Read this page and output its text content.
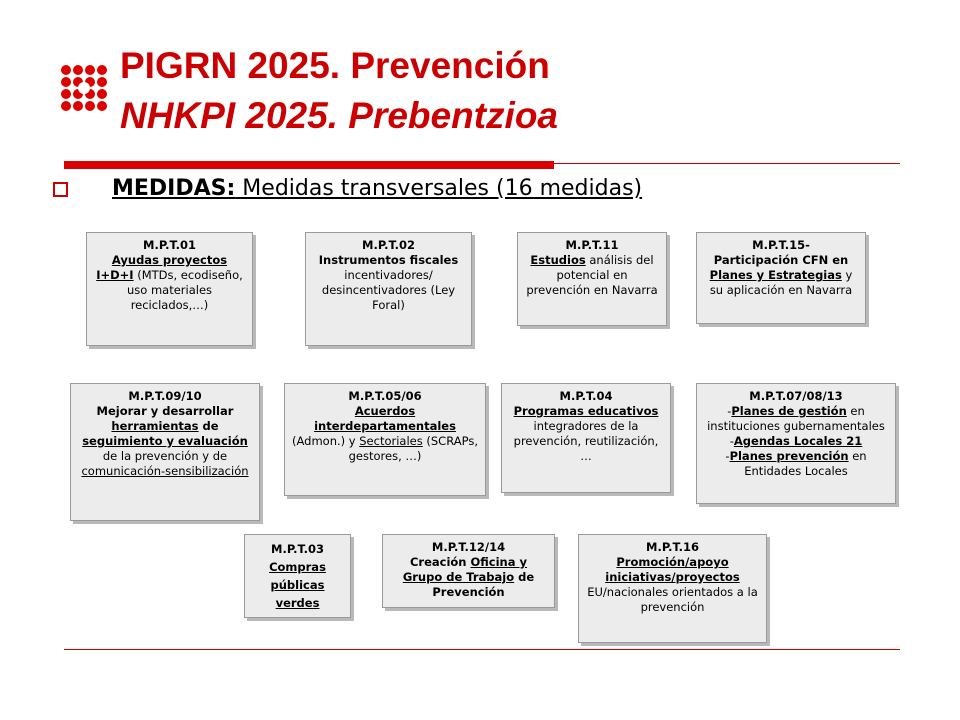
PIGRN 2025. Prevención
NHKPI 2025. Prebentzioa
MEDIDAS: Medidas transversales (16 medidas)
M.P.T.01

Ayudas proyectos

I+D+I (MTDs, ecodiseño, uso materiales reciclados,…)

M.P.T.02

Instrumentos fiscales

incentivadores/

desincentivadores (Ley Foral)

M.P.T.11

Estudios análisis del potencial en prevención en Navarra

M.P.T.15-

Participación CFN en Planes y Estrategias y su aplicación en Navarra

M.P.T.09/10

Mejorar y desarrollar herramientas de seguimiento y evaluación de la prevención y de comunicación-sensibilización

M.P.T.05/06

Acuerdos interdepartamentales (Admon.) y Sectoriales (SCRAPs, gestores, …)

M.P.T.04

Programas educativos integradores de la prevención, reutilización, …

M.P.T.07/08/13

-Planes de gestión en instituciones gubernamentales

-Agendas Locales 21

-Planes prevención en Entidades Locales

M.P.T.03

Compras

públicas

verdes

M.P.T.12/14

Creación Oficina y Grupo de Trabajo de Prevención

M.P.T.16

Promoción/apoyo iniciativas/proyectos EU/nacionales orientados a la prevención
